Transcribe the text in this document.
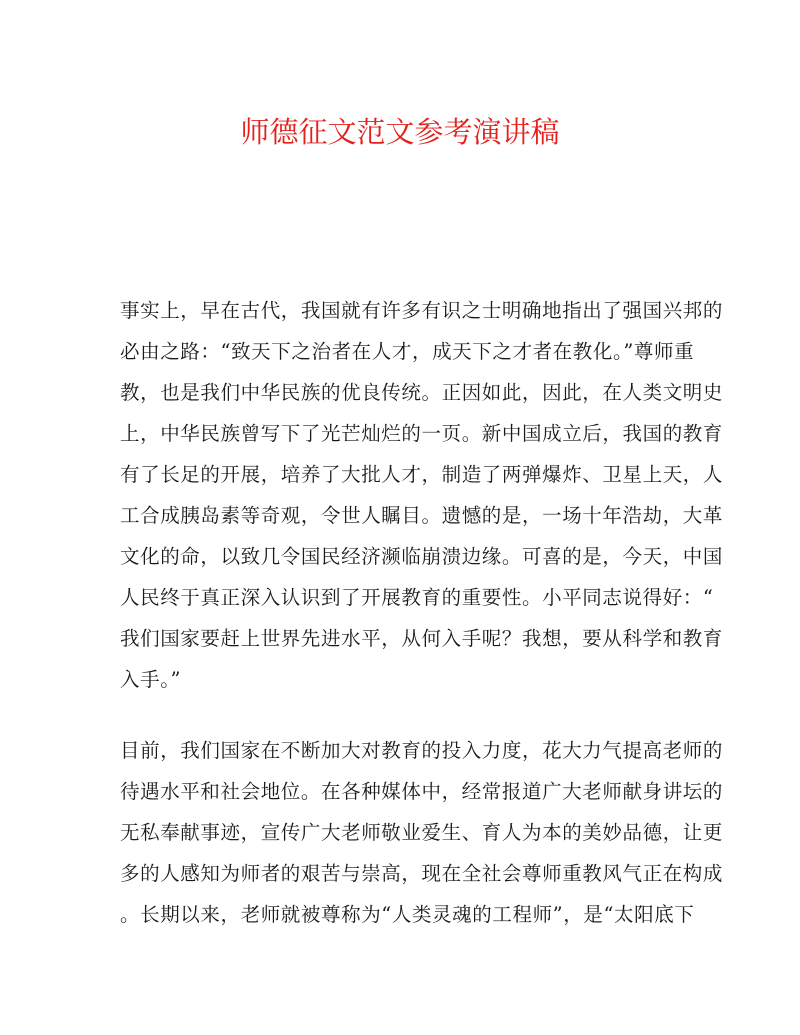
师德征文范文参考演讲稿
事实上，早在古代，我国就有许多有识之士明确地指出了强国兴邦的
必由之路：“致天下之治者在人才，成天下之才者在教化。”尊师重
教，也是我们中华民族的优良传统。正因如此，因此，在人类文明史
上，中华民族曾写下了光芒灿烂的一页。新中国成立后，我国的教育
有了长足的开展，培养了大批人才，制造了两弹爆炸、卫星上天，人
工合成胰岛素等奇观，令世人瞩目。遗憾的是，一场十年浩劫，大革
文化的命，以致几令国民经济濒临崩溃边缘。可喜的是，今天，中国
人民终于真正深入认识到了开展教育的重要性。小平同志说得好：“
我们国家要赶上世界先进水平，从何入手呢？我想，要从科学和教育
入手。”
目前，我们国家在不断加大对教育的投入力度，花大力气提高老师的
待遇水平和社会地位。在各种媒体中，经常报道广大老师献身讲坛的
无私奉献事迹，宣传广大老师敬业爱生、育人为本的美妙品德，让更
多的人感知为师者的艰苦与崇高，现在全社会尊师重教风气正在构成
。长期以来，老师就被尊称为“人类灵魂的工程师”，是“太阳底下
